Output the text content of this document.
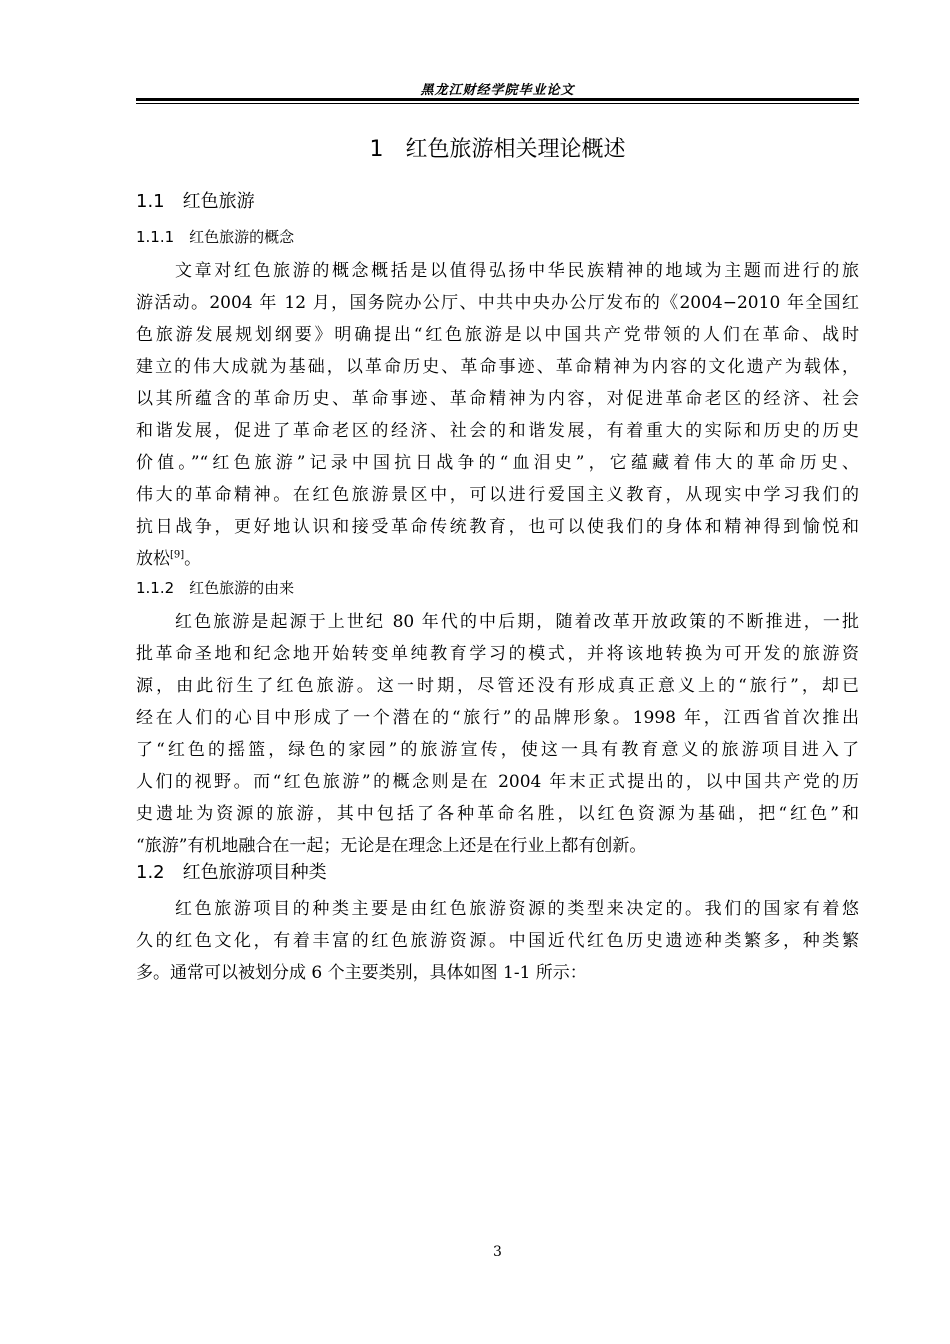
黑龙江财经学院毕业论文
1　红色旅游相关理论概述
1.1　红色旅游
1.1.1　红色旅游的概念
文章对红色旅游的概念概括是以值得弘扬中华民族精神的地域为主题而进行的旅
游活动。2004 年 12 月，国务院办公厅、中共中央办公厅发布的《2004−2010 年全国红
色旅游发展规划纲要》明确提出“红色旅游是以中国共产党带领的人们在革命、战时
建立的伟大成就为基础，以革命历史、革命事迹、革命精神为内容的文化遗产为载体，
以其所蕴含的革命历史、革命事迹、革命精神为内容，对促进革命老区的经济、社会
和谐发展，促进了革命老区的经济、社会的和谐发展，有着重大的实际和历史的历史
价值。”“红色旅游”记录中国抗日战争的“血泪史”，它蕴藏着伟大的革命历史、
伟大的革命精神。在红色旅游景区中，可以进行爱国主义教育，从现实中学习我们的
抗日战争，更好地认识和接受革命传统教育，也可以使我们的身体和精神得到愉悦和
放松[9]。
1.1.2　红色旅游的由来
红色旅游是起源于上世纪 80 年代的中后期，随着改革开放政策的不断推进，一批
批革命圣地和纪念地开始转变单纯教育学习的模式，并将该地转换为可开发的旅游资
源，由此衍生了红色旅游。这一时期，尽管还没有形成真正意义上的“旅行”，却已
经在人们的心目中形成了一个潜在的“旅行”的品牌形象。1998 年，江西省首次推出
了“红色的摇篮，绿色的家园”的旅游宣传，使这一具有教育意义的旅游项目进入了
人们的视野。而“红色旅游”的概念则是在 2004 年末正式提出的，以中国共产党的历
史遗址为资源的旅游，其中包括了各种革命名胜，以红色资源为基础，把“红色”和
“旅游”有机地融合在一起；无论是在理念上还是在行业上都有创新。
1.2　红色旅游项目种类
红色旅游项目的种类主要是由红色旅游资源的类型来决定的。我们的国家有着悠
久的红色文化，有着丰富的红色旅游资源。中国近代红色历史遗迹种类繁多，种类繁
多。通常可以被划分成 6 个主要类别，具体如图 1-1 所示：
3
